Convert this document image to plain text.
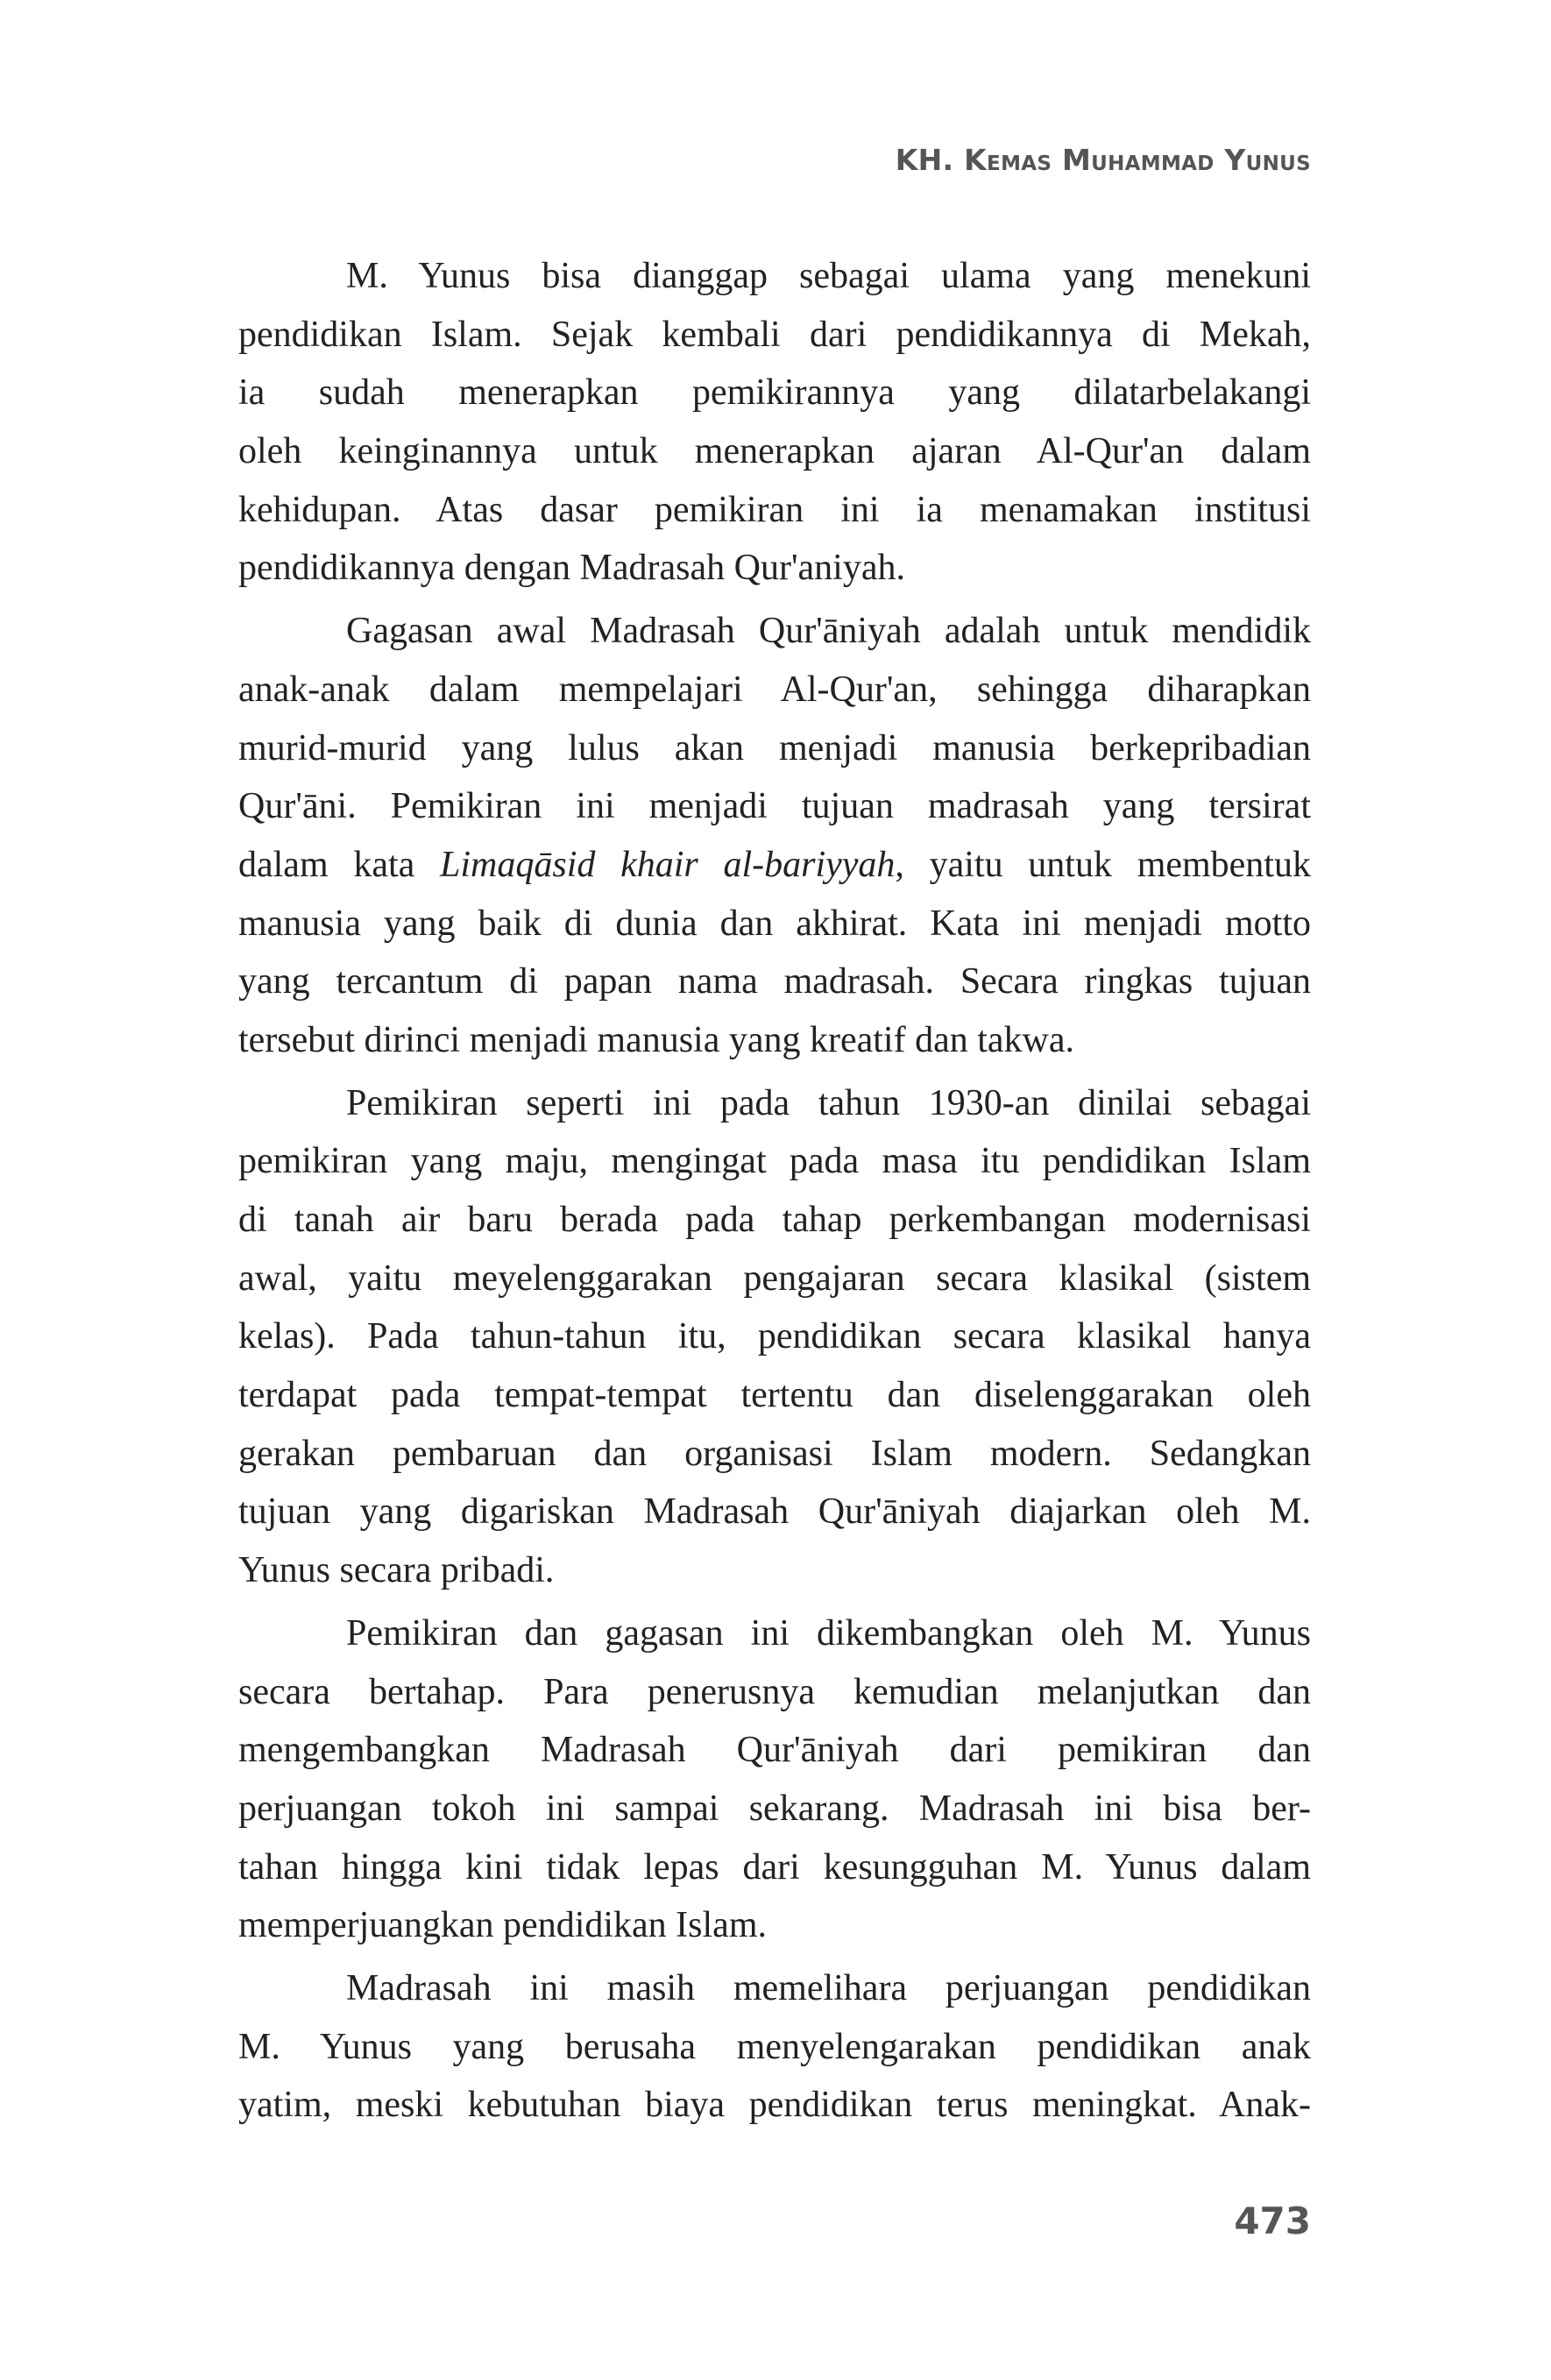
KH. Kemas Muhammad Yunus
M. Yunus bisa dianggap sebagai ulama yang menekuni
pendidikan Islam. Sejak kembali dari pendidikannya di Mekah,
ia sudah menerapkan pemikirannya yang dilatarbelakangi
oleh keinginannya untuk menerapkan ajaran Al-Qur'an dalam
kehidupan. Atas dasar pemikiran ini ia menamakan institusi
pendidikannya dengan Madrasah Qur'aniyah.
Gagasan awal Madrasah Qur'āniyah adalah untuk mendidik
anak-anak dalam mempelajari Al-Qur'an, sehingga diharapkan
murid-murid yang lulus akan menjadi manusia berkepribadian
Qur'āni. Pemikiran ini menjadi tujuan madrasah yang tersirat
dalam kata Limaqāsid khair al-bariyyah, yaitu untuk membentuk
manusia yang baik di dunia dan akhirat. Kata ini menjadi motto
yang tercantum di papan nama madrasah. Secara ringkas tujuan
tersebut dirinci menjadi manusia yang kreatif dan takwa.
Pemikiran seperti ini pada tahun 1930-an dinilai sebagai
pemikiran yang maju, mengingat pada masa itu pendidikan Islam
di tanah air baru berada pada tahap perkembangan modernisasi
awal, yaitu meyelenggarakan pengajaran secara klasikal (sistem
kelas). Pada tahun-tahun itu, pendidikan secara klasikal hanya
terdapat pada tempat-tempat tertentu dan diselenggarakan oleh
gerakan pembaruan dan organisasi Islam modern. Sedangkan
tujuan yang digariskan Madrasah Qur'āniyah diajarkan oleh M.
Yunus secara pribadi.
Pemikiran dan gagasan ini dikembangkan oleh M. Yunus
secara bertahap. Para penerusnya kemudian melanjutkan dan
mengembangkan Madrasah Qur'āniyah dari pemikiran dan
perjuangan tokoh ini sampai sekarang. Madrasah ini bisa ber-
tahan hingga kini tidak lepas dari kesungguhan M. Yunus dalam
memperjuangkan pendidikan Islam.
Madrasah ini masih memelihara perjuangan pendidikan
M. Yunus yang berusaha menyelengarakan pendidikan anak
yatim, meski kebutuhan biaya pendidikan terus meningkat. Anak-
473
